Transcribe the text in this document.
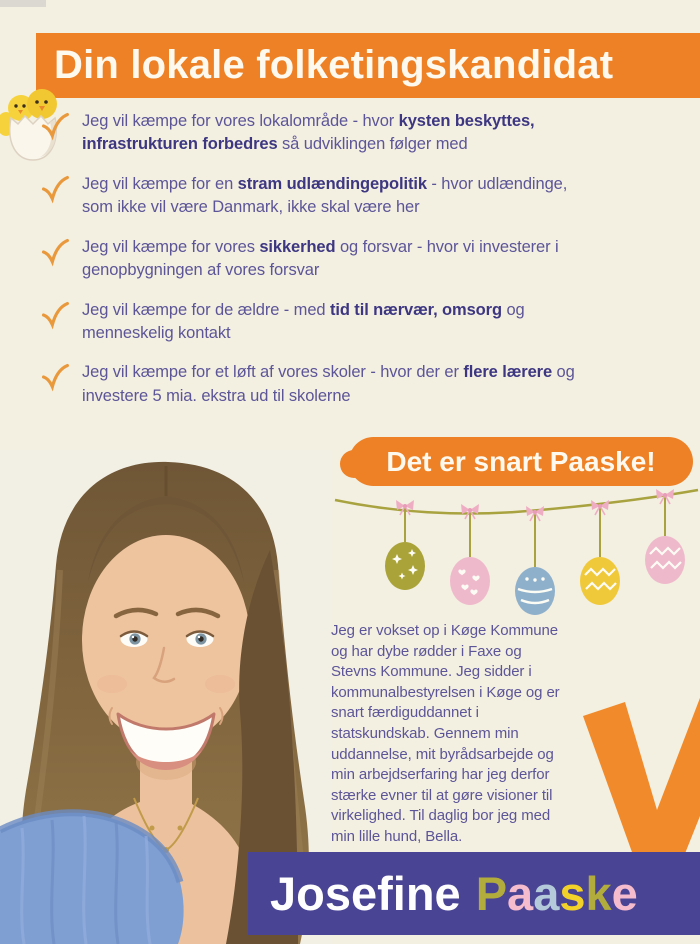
Din lokale folketingskandidat
Jeg vil kæmpe for vores lokalområde - hvor kysten beskyttes,
infrastrukturen forbedres så udviklingen følger med
Jeg vil kæmpe for en stram udlændingepolitik - hvor udlændinge,
som ikke vil være Danmark, ikke skal være her
Jeg vil kæmpe for vores sikkerhed og forsvar - hvor vi investerer i
genopbygningen af vores forsvar
Jeg vil kæmpe for de ældre - med tid til nærvær, omsorg og
menneskelig kontakt
Jeg vil kæmpe for et løft af vores skoler - hvor der er flere lærere og
investere 5 mia. ekstra ud til skolerne
Det er snart Paaske!
Jeg er vokset op i Køge Kommune
og har dybe rødder i Faxe og
Stevns Kommune. Jeg sidder i
kommunalbestyrelsen i Køge og er
snart færdiguddannet i
statskundskab. Gennem min
uddannelse, mit byrådsarbejde og
min arbejdserfaring har jeg derfor
stærke evner til at gøre visioner til
virkelighed. Til daglig bor jeg med
min lille hund, Bella.
Josefine Paaske
